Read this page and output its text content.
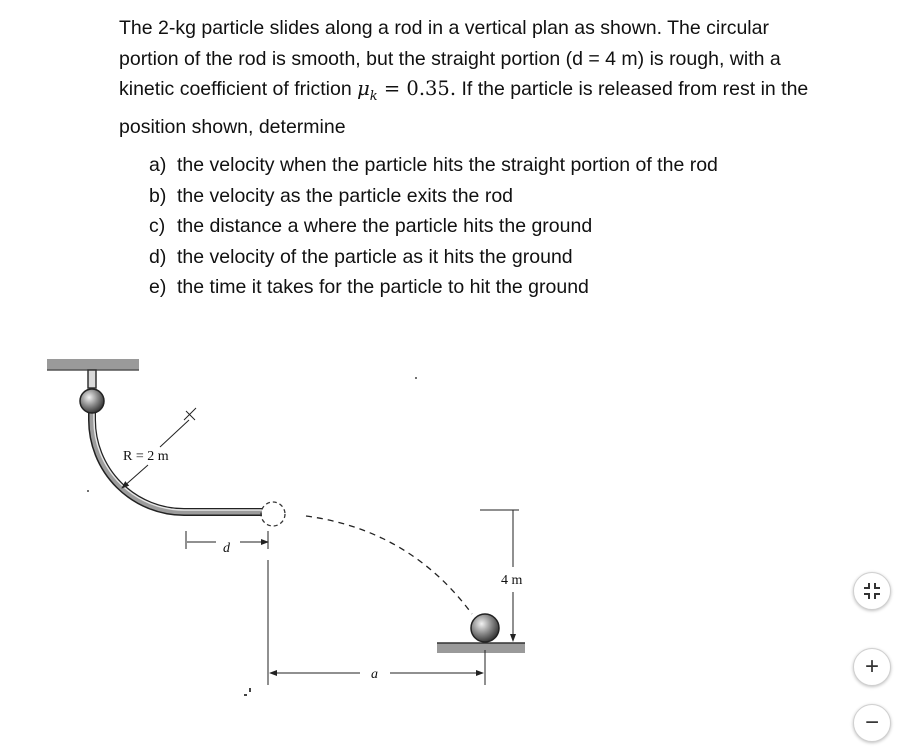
The 2-kg particle slides along a rod in a vertical plan as shown. The circular
portion of the rod is smooth, but the straight portion (d = 4 m) is rough, with a
kinetic coefficient of friction $\mu_k = 0.35$. If the particle is released from rest in the
position shown, determine
a) the velocity when the particle hits the straight portion of the rod
b) the velocity as the particle exits the rod
c) the distance a where the particle hits the ground
d) the velocity of the particle as it hits the ground
e) the time it takes for the particle to hit the ground
R = 2 m
d
4 m
a	+
−
